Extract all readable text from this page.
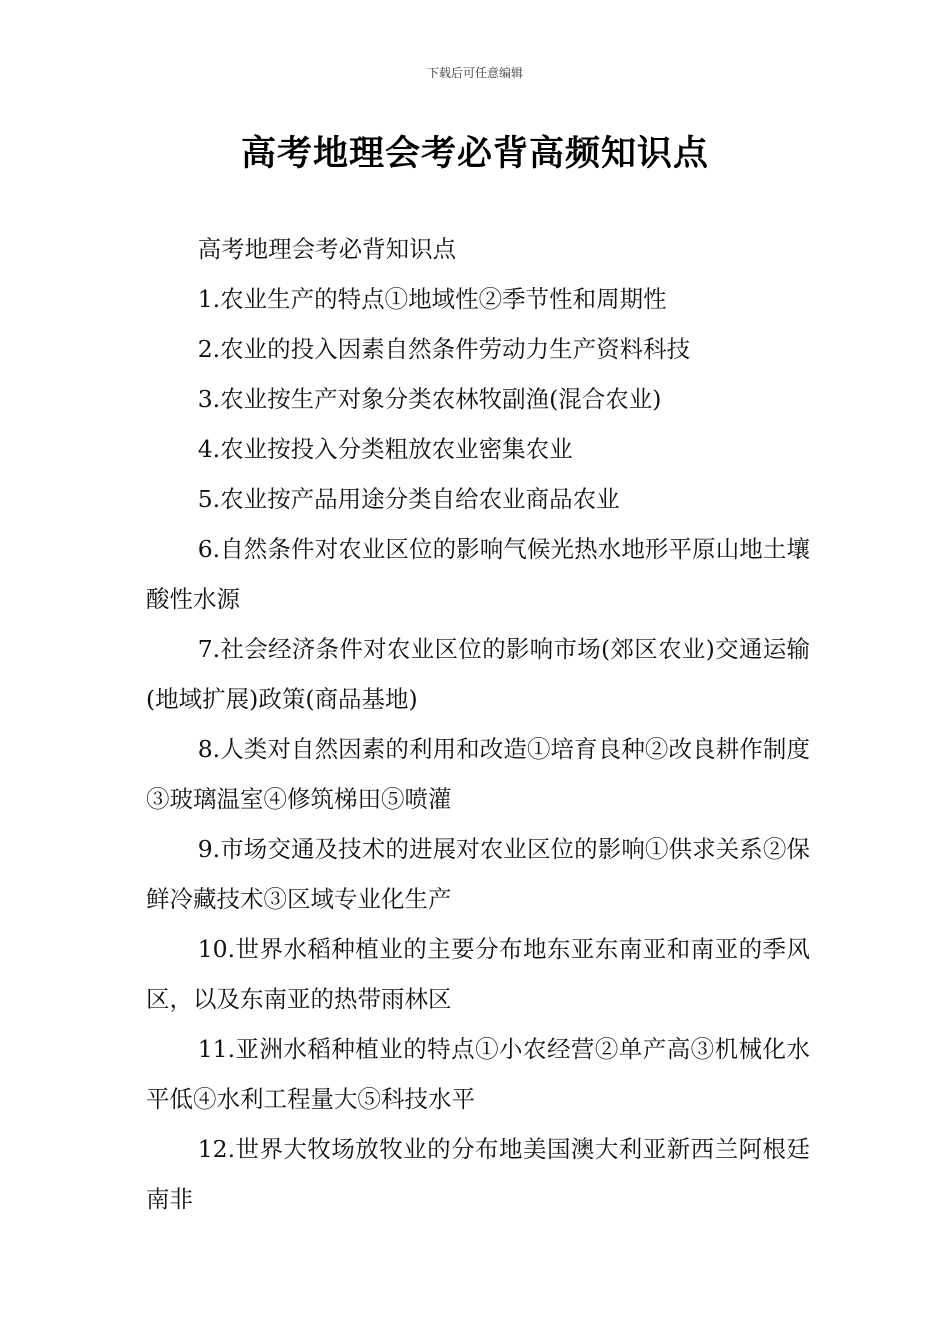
下载后可任意编辑
高考地理会考必背高频知识点

高考地理会考必背知识点

1.农业生产的特点①地域性②季节性和周期性

2.农业的投入因素自然条件劳动力生产资料科技

3.农业按生产对象分类农林牧副渔(混合农业)

4.农业按投入分类粗放农业密集农业

5.农业按产品用途分类自给农业商品农业

6.自然条件对农业区位的影响气候光热水地形平原山地土壤酸性水源

7.社会经济条件对农业区位的影响市场(郊区农业)交通运输(地域扩展)政策(商品基地)

8.人类对自然因素的利用和改造①培育良种②改良耕作制度③玻璃温室④修筑梯田⑤喷灌

9.市场交通及技术的进展对农业区位的影响①供求关系②保鲜冷藏技术③区域专业化生产

10.世界水稻种植业的主要分布地东亚东南亚和南亚的季风区，以及东南亚的热带雨林区

11.亚洲水稻种植业的特点①小农经营②单产高③机械化水平低④水利工程量大⑤科技水平

12.世界大牧场放牧业的分布地美国澳大利亚新西兰阿根廷南非
